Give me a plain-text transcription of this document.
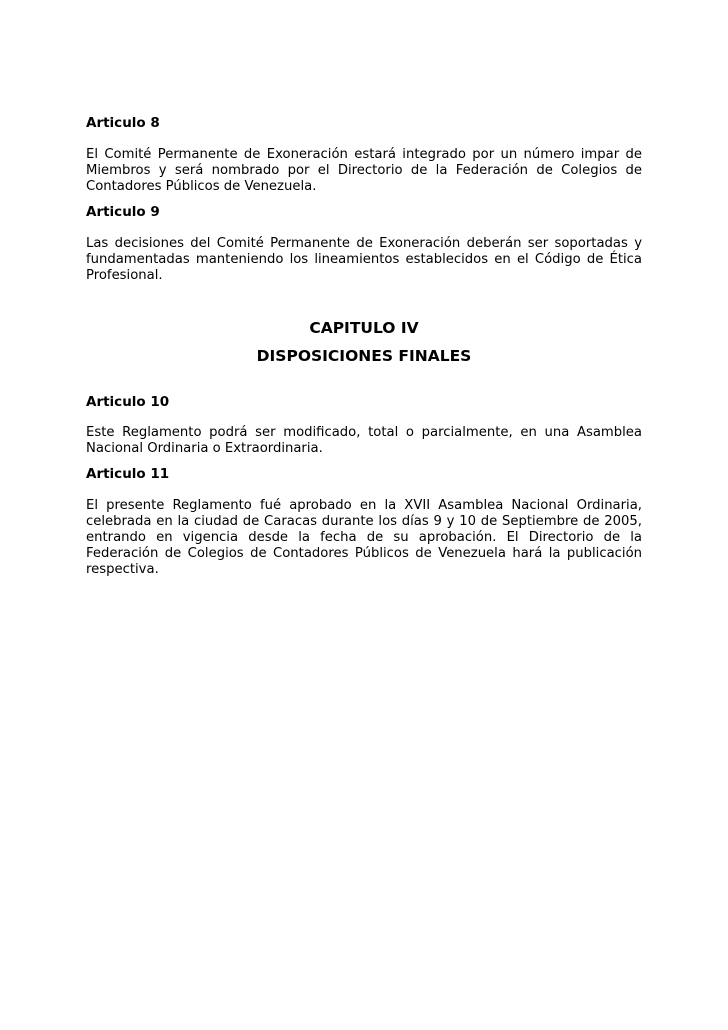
Articulo 8

El Comité Permanente de Exoneración estará integrado por un número impar de Miembros y será nombrado por el Directorio de la Federación de Colegios de Contadores Públicos de Venezuela.

Articulo 9

Las decisiones del Comité Permanente de Exoneración deberán ser soportadas y fundamentadas manteniendo los lineamientos establecidos en el Código de Ética Profesional.

CAPITULO IV
DISPOSICIONES FINALES
Articulo 10

Este Reglamento podrá ser modificado, total o parcialmente, en una Asamblea Nacional Ordinaria o Extraordinaria.

Articulo 11

El presente Reglamento fué aprobado en la XVII Asamblea Nacional Ordinaria, celebrada en la ciudad de Caracas durante los días 9 y 10 de Septiembre de 2005, entrando en vigencia desde la fecha de su aprobación. El Directorio de la Federación de Colegios de Contadores Públicos de Venezuela hará la publicación respectiva.
